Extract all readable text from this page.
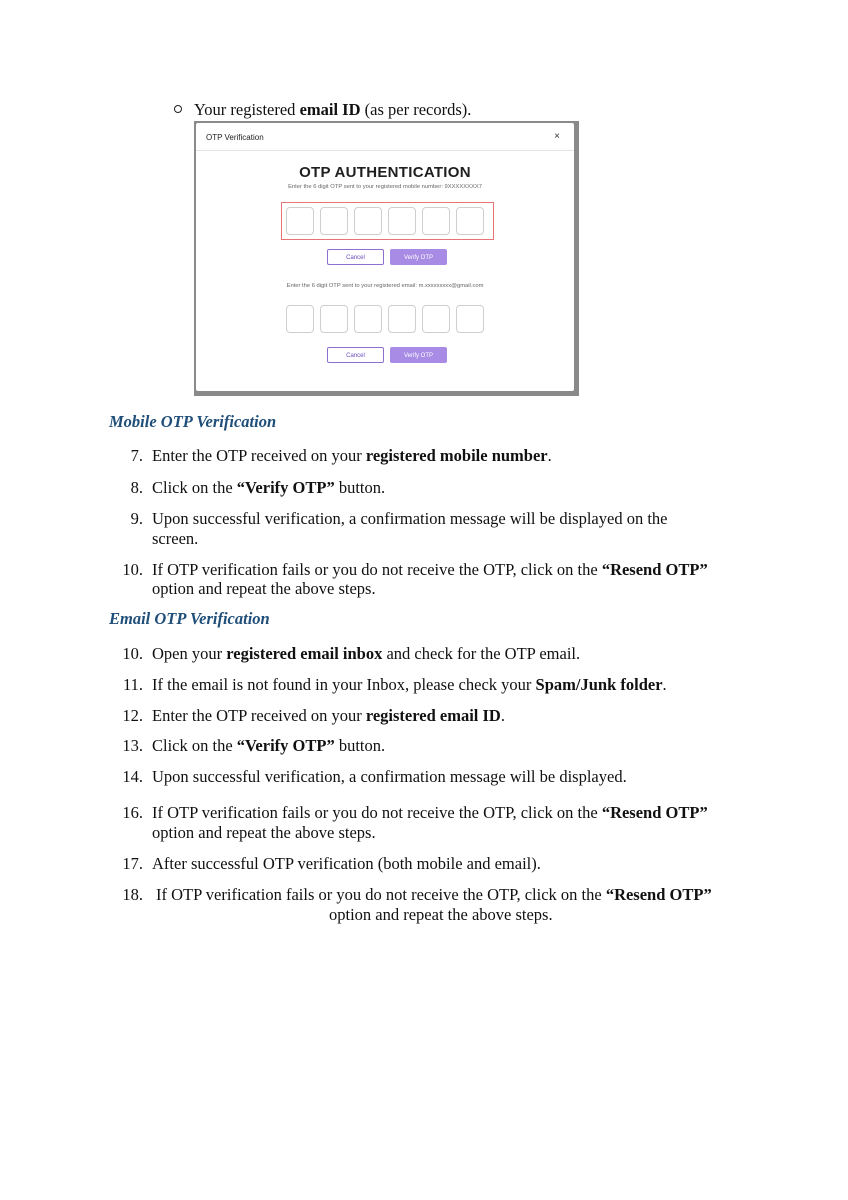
Your registered email ID (as per records).
OTP Verification	×
OTP AUTHENTICATION
Enter the 6 digit OTP sent to your registered mobile number: 9XXXXXXXX7
Cancel	Verify OTP
Enter the 6 digit OTP sent to your registered email: m.xxxxxxxxx@gmail.com
Cancel	Verify OTP
Mobile OTP Verification
7. Enter the OTP received on your registered mobile number.
8. Click on the “Verify OTP” button.
9. Upon successful verification, a confirmation message will be displayed on the
screen.
10. If OTP verification fails or you do not receive the OTP, click on the “Resend OTP”
option and repeat the above steps.
Email OTP Verification
10. Open your registered email inbox and check for the OTP email.
11. If the email is not found in your Inbox, please check your Spam/Junk folder.
12. Enter the OTP received on your registered email ID.
13. Click on the “Verify OTP” button.
14. Upon successful verification, a confirmation message will be displayed.
16. If OTP verification fails or you do not receive the OTP, click on the “Resend OTP”
option and repeat the above steps.
17. After successful OTP verification (both mobile and email).
18. If OTP verification fails or you do not receive the OTP, click on the “Resend OTP”
option and repeat the above steps.
